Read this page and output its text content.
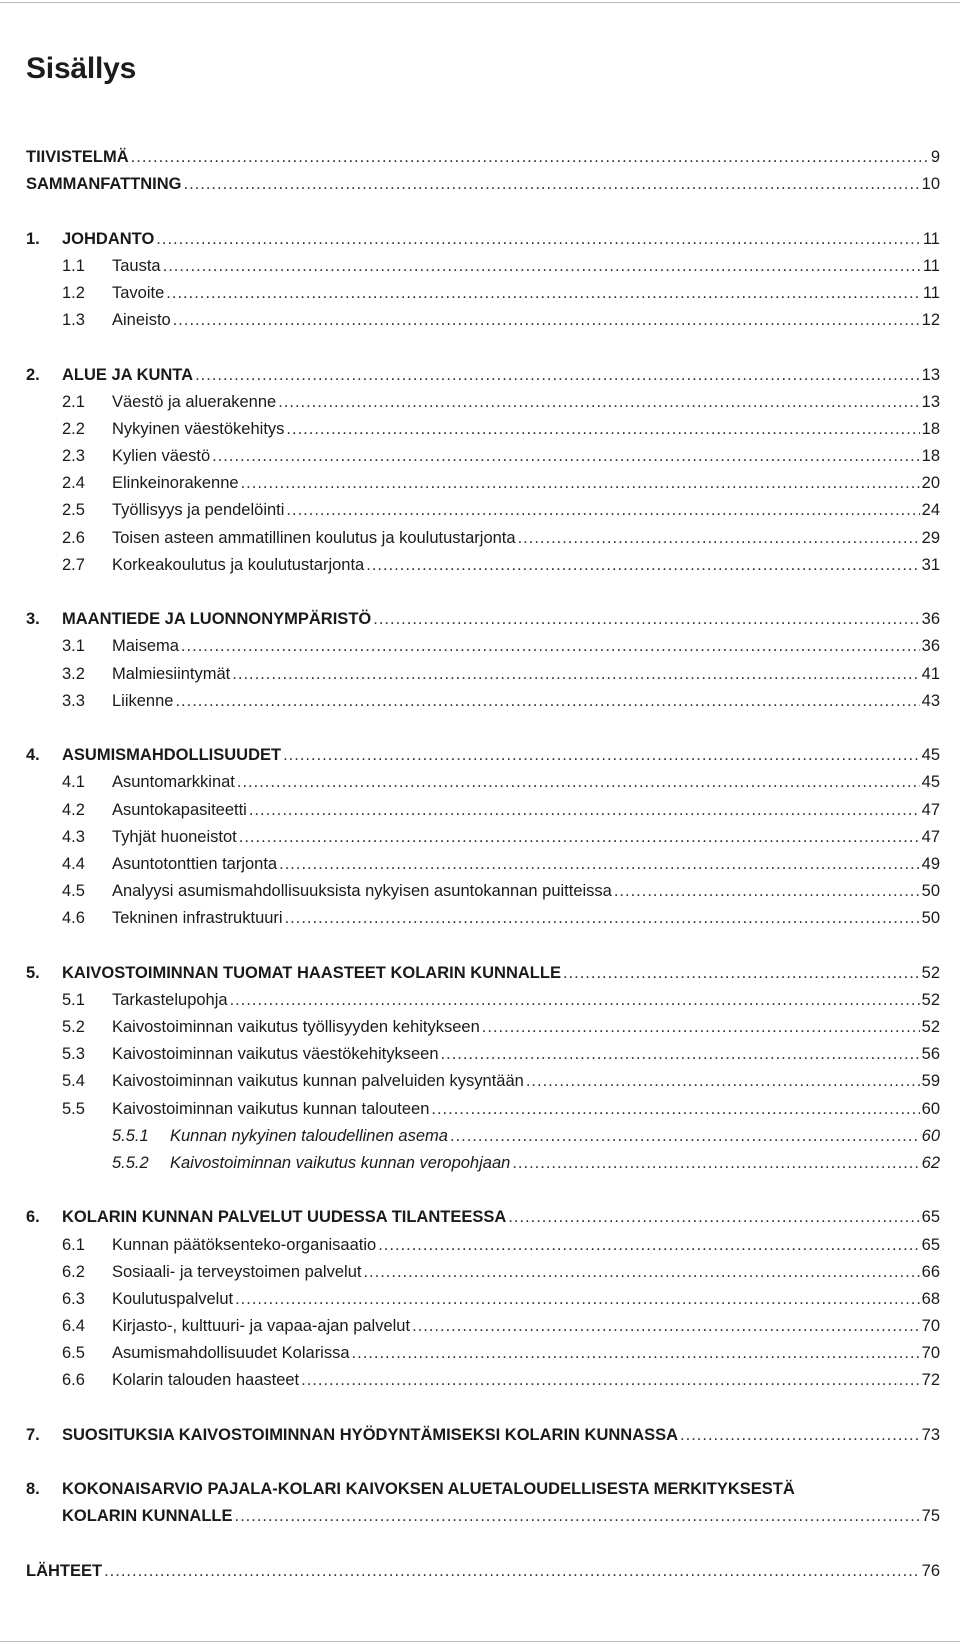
Sisällys
TIIVISTELMÄ .....	9
SAMMANFATTNING .....	10
1. JOHDANTO .....	11
1.1 Tausta .....	11
1.2 Tavoite .....	11
1.3 Aineisto .....	12
2. ALUE JA KUNTA .....	13
2.1 Väestö ja aluerakenne .....	13
2.2 Nykyinen väestökehitys .....	18
2.3 Kylien väestö .....	18
2.4 Elinkeinorakenne .....	20
2.5 Työllisyys ja pendelöinti .....	24
2.6 Toisen asteen ammatillinen koulutus ja koulutustarjonta .....	29
2.7 Korkeakoulutus ja koulutustarjonta .....	31
3. MAANTIEDE JA LUONNONYMPÄRISTÖ .....	36
3.1 Maisema .....	36
3.2 Malmiesiintymät .....	41
3.3 Liikenne .....	43
4. ASUMISMAHDOLLISUUDET .....	45
4.1 Asuntomarkkinat .....	45
4.2 Asuntokapasiteetti .....	47
4.3 Tyhjät huoneistot .....	47
4.4 Asuntotonttien tarjonta .....	49
4.5 Analyysi asumismahdollisuuksista nykyisen asuntokannan puitteissa .....	50
4.6 Tekninen infrastruktuuri .....	50
5. KAIVOSTOIMINNAN TUOMAT HAASTEET KOLARIN KUNNALLE .....	52
5.1 Tarkastelupohja .....	52
5.2 Kaivostoiminnan vaikutus työllisyyden kehitykseen .....	52
5.3 Kaivostoiminnan vaikutus väestökehitykseen .....	56
5.4 Kaivostoiminnan vaikutus kunnan palveluiden kysyntään .....	59
5.5 Kaivostoiminnan vaikutus kunnan talouteen .....	60
5.5.1 Kunnan nykyinen taloudellinen asema .....	60
5.5.2 Kaivostoiminnan vaikutus kunnan veropohjaan .....	62
6. KOLARIN KUNNAN PALVELUT UUDESSA TILANTEESSA .....	65
6.1 Kunnan päätöksenteko-organisaatio .....	65
6.2 Sosiaali- ja terveystoimen palvelut .....	66
6.3 Koulutuspalvelut .....	68
6.4 Kirjasto-, kulttuuri- ja vapaa-ajan palvelut .....	70
6.5 Asumismahdollisuudet Kolarissa .....	70
6.6 Kolarin talouden haasteet .....	72
7. SUOSITUKSIA KAIVOSTOIMINNAN HYÖDYNTÄMISEKSI KOLARIN KUNNASSA .....	73
8. KOKONAISARVIO PAJALA-KOLARI KAIVOKSEN ALUETALOUDELLISESTA MERKITYKSESTÄ
KOLARIN KUNNALLE .....	75
LÄHTEET .....	76
